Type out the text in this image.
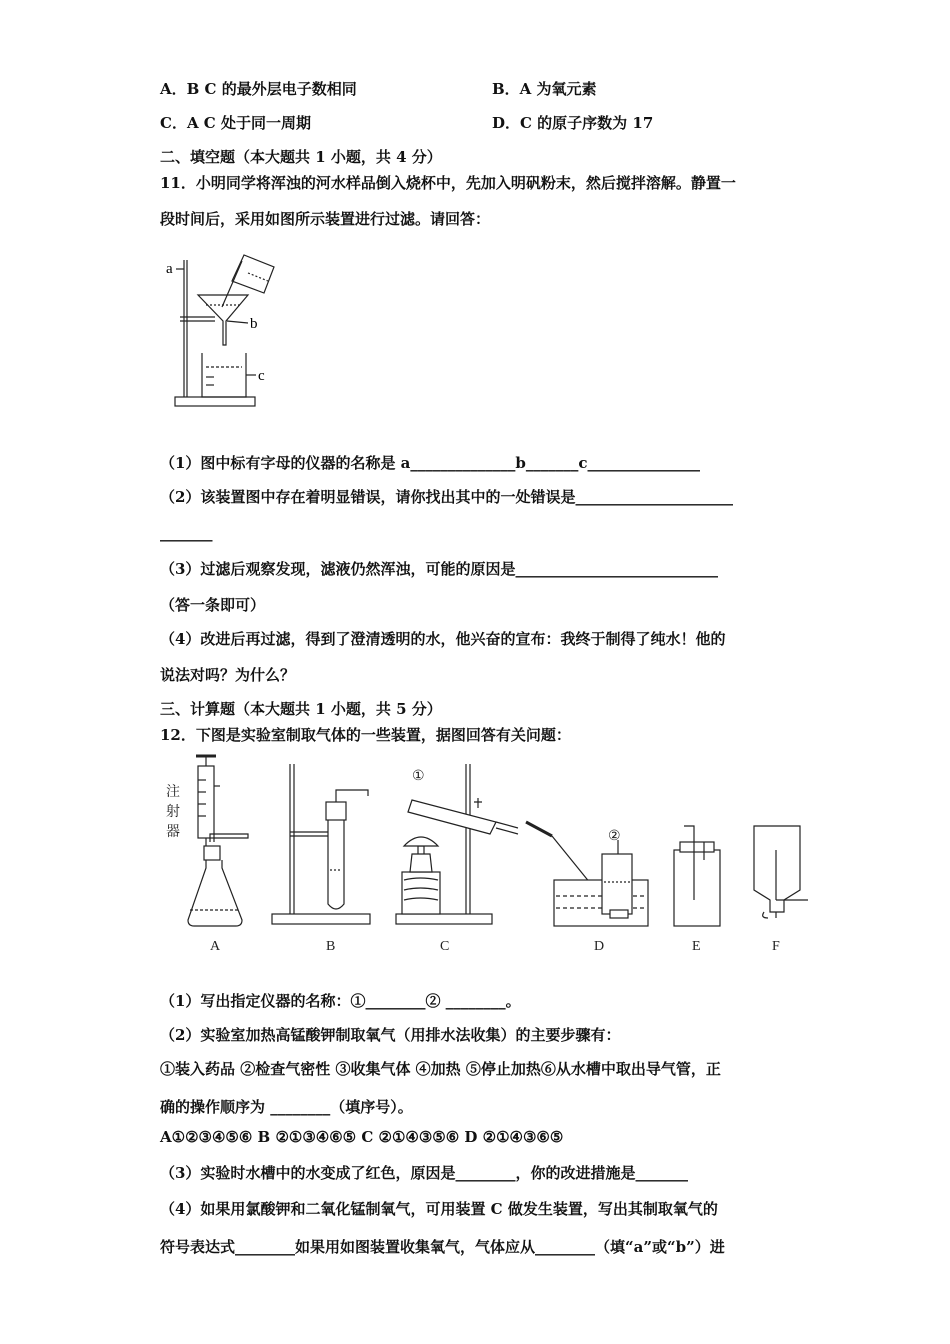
A．B C 的最外层电子数相同	B．A 为氧元素
C．A C 处于同一周期	D．C 的原子序数为 17
二、填空题（本大题共 1 小题，共 4 分）
11．小明同学将浑浊的河水样品倒入烧杯中，先加入明矾粉末，然后搅拌溶解。静置一
段时间后，采用如图所示装置进行过滤。请回答：
a
b
c
（1）图中标有字母的仪器的名称是 a______________b_______c_______________
（2）该装置图中存在着明显错误，请你找出其中的一处错误是_____________________
_______
（3）过滤后观察发现，滤液仍然浑浊，可能的原因是___________________________
（答一条即可）
（4）改进后再过滤，得到了澄清透明的水，他兴奋的宣布：我终于制得了纯水！他的
说法对吗？为什么？
三、计算题（本大题共 1 小题，共 5 分）
12．下图是实验室制取气体的一些装置，据图回答有关问题：
注
射
器
①
②
A	B	C	D	E	F
（1）写出指定仪器的名称：①________② ________。
（2）实验室加热高锰酸钾制取氧气（用排水法收集）的主要步骤有：
①装入药品 ②检查气密性 ③收集气体 ④加热 ⑤停止加热⑥从水槽中取出导气管，正
确的操作顺序为 ________（填序号）。
A①②③④⑤⑥ B ②①③④⑥⑤ C ②①④③⑤⑥ D ②①④③⑥⑤
（3）实验时水槽中的水变成了红色，原因是________，你的改进措施是_______
（4）如果用氯酸钾和二氧化锰制氧气，可用装置 C 做发生装置，写出其制取氧气的
符号表达式________如果用如图装置收集氧气，气体应从________（填“a”或“b”）进
